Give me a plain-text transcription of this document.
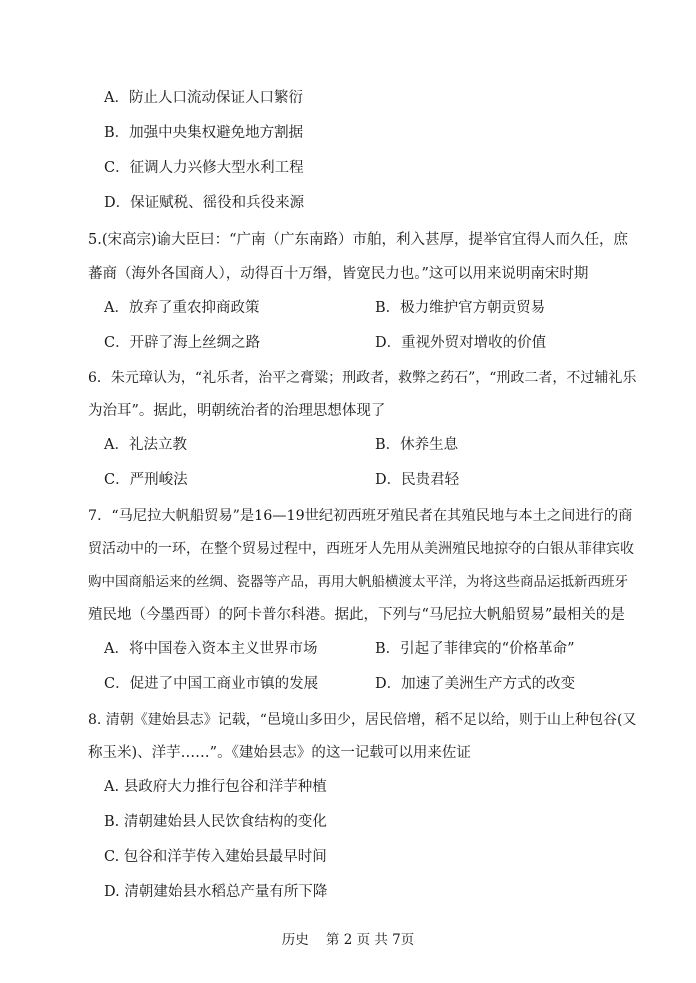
A．防止人口流动保证人口繁衍
B．加强中央集权避免地方割据
C．征调人力兴修大型水利工程
D．保证赋税、徭役和兵役来源
5.(宋高宗)谕大臣曰：“广南（广东南路）市舶，利入甚厚，提举官宜得人而久任，庶
蕃商（海外各国商人），动得百十万缗，皆宽民力也。”这可以用来说明南宋时期
A．放弃了重农抑商政策	B．极力维护官方朝贡贸易
C．开辟了海上丝绸之路	D．重视外贸对增收的价值
6．朱元璋认为，“礼乐者，治平之膏粱；刑政者，救弊之药石”，“刑政二者，不过辅礼乐
为治耳”。据此，明朝统治者的治理思想体现了
A．礼法立教	B．休养生息
C．严刑峻法	D．民贵君轻
7．“马尼拉大帆船贸易”是16—19世纪初西班牙殖民者在其殖民地与本土之间进行的商
贸活动中的一环，在整个贸易过程中，西班牙人先用从美洲殖民地掠夺的白银从菲律宾收
购中国商船运来的丝绸、瓷器等产品，再用大帆船横渡太平洋，为将这些商品运抵新西班牙
殖民地（今墨西哥）的阿卡普尔科港。据此，下列与“马尼拉大帆船贸易”最相关的是
A．将中国卷入资本主义世界市场	B．引起了菲律宾的“价格革命”
C．促进了中国工商业市镇的发展	D．加速了美洲生产方式的改变
8. 清朝《建始县志》记载，“邑境山多田少，居民倍增，稻不足以给，则于山上种包谷(又
称玉米)、洋芋……”。《建始县志》的这一记载可以用来佐证
A. 县政府大力推行包谷和洋芋种植
B. 清朝建始县人民饮食结构的变化
C. 包谷和洋芋传入建始县最早时间
D. 清朝建始县水稻总产量有所下降
历史    第 2 页 共 7页
